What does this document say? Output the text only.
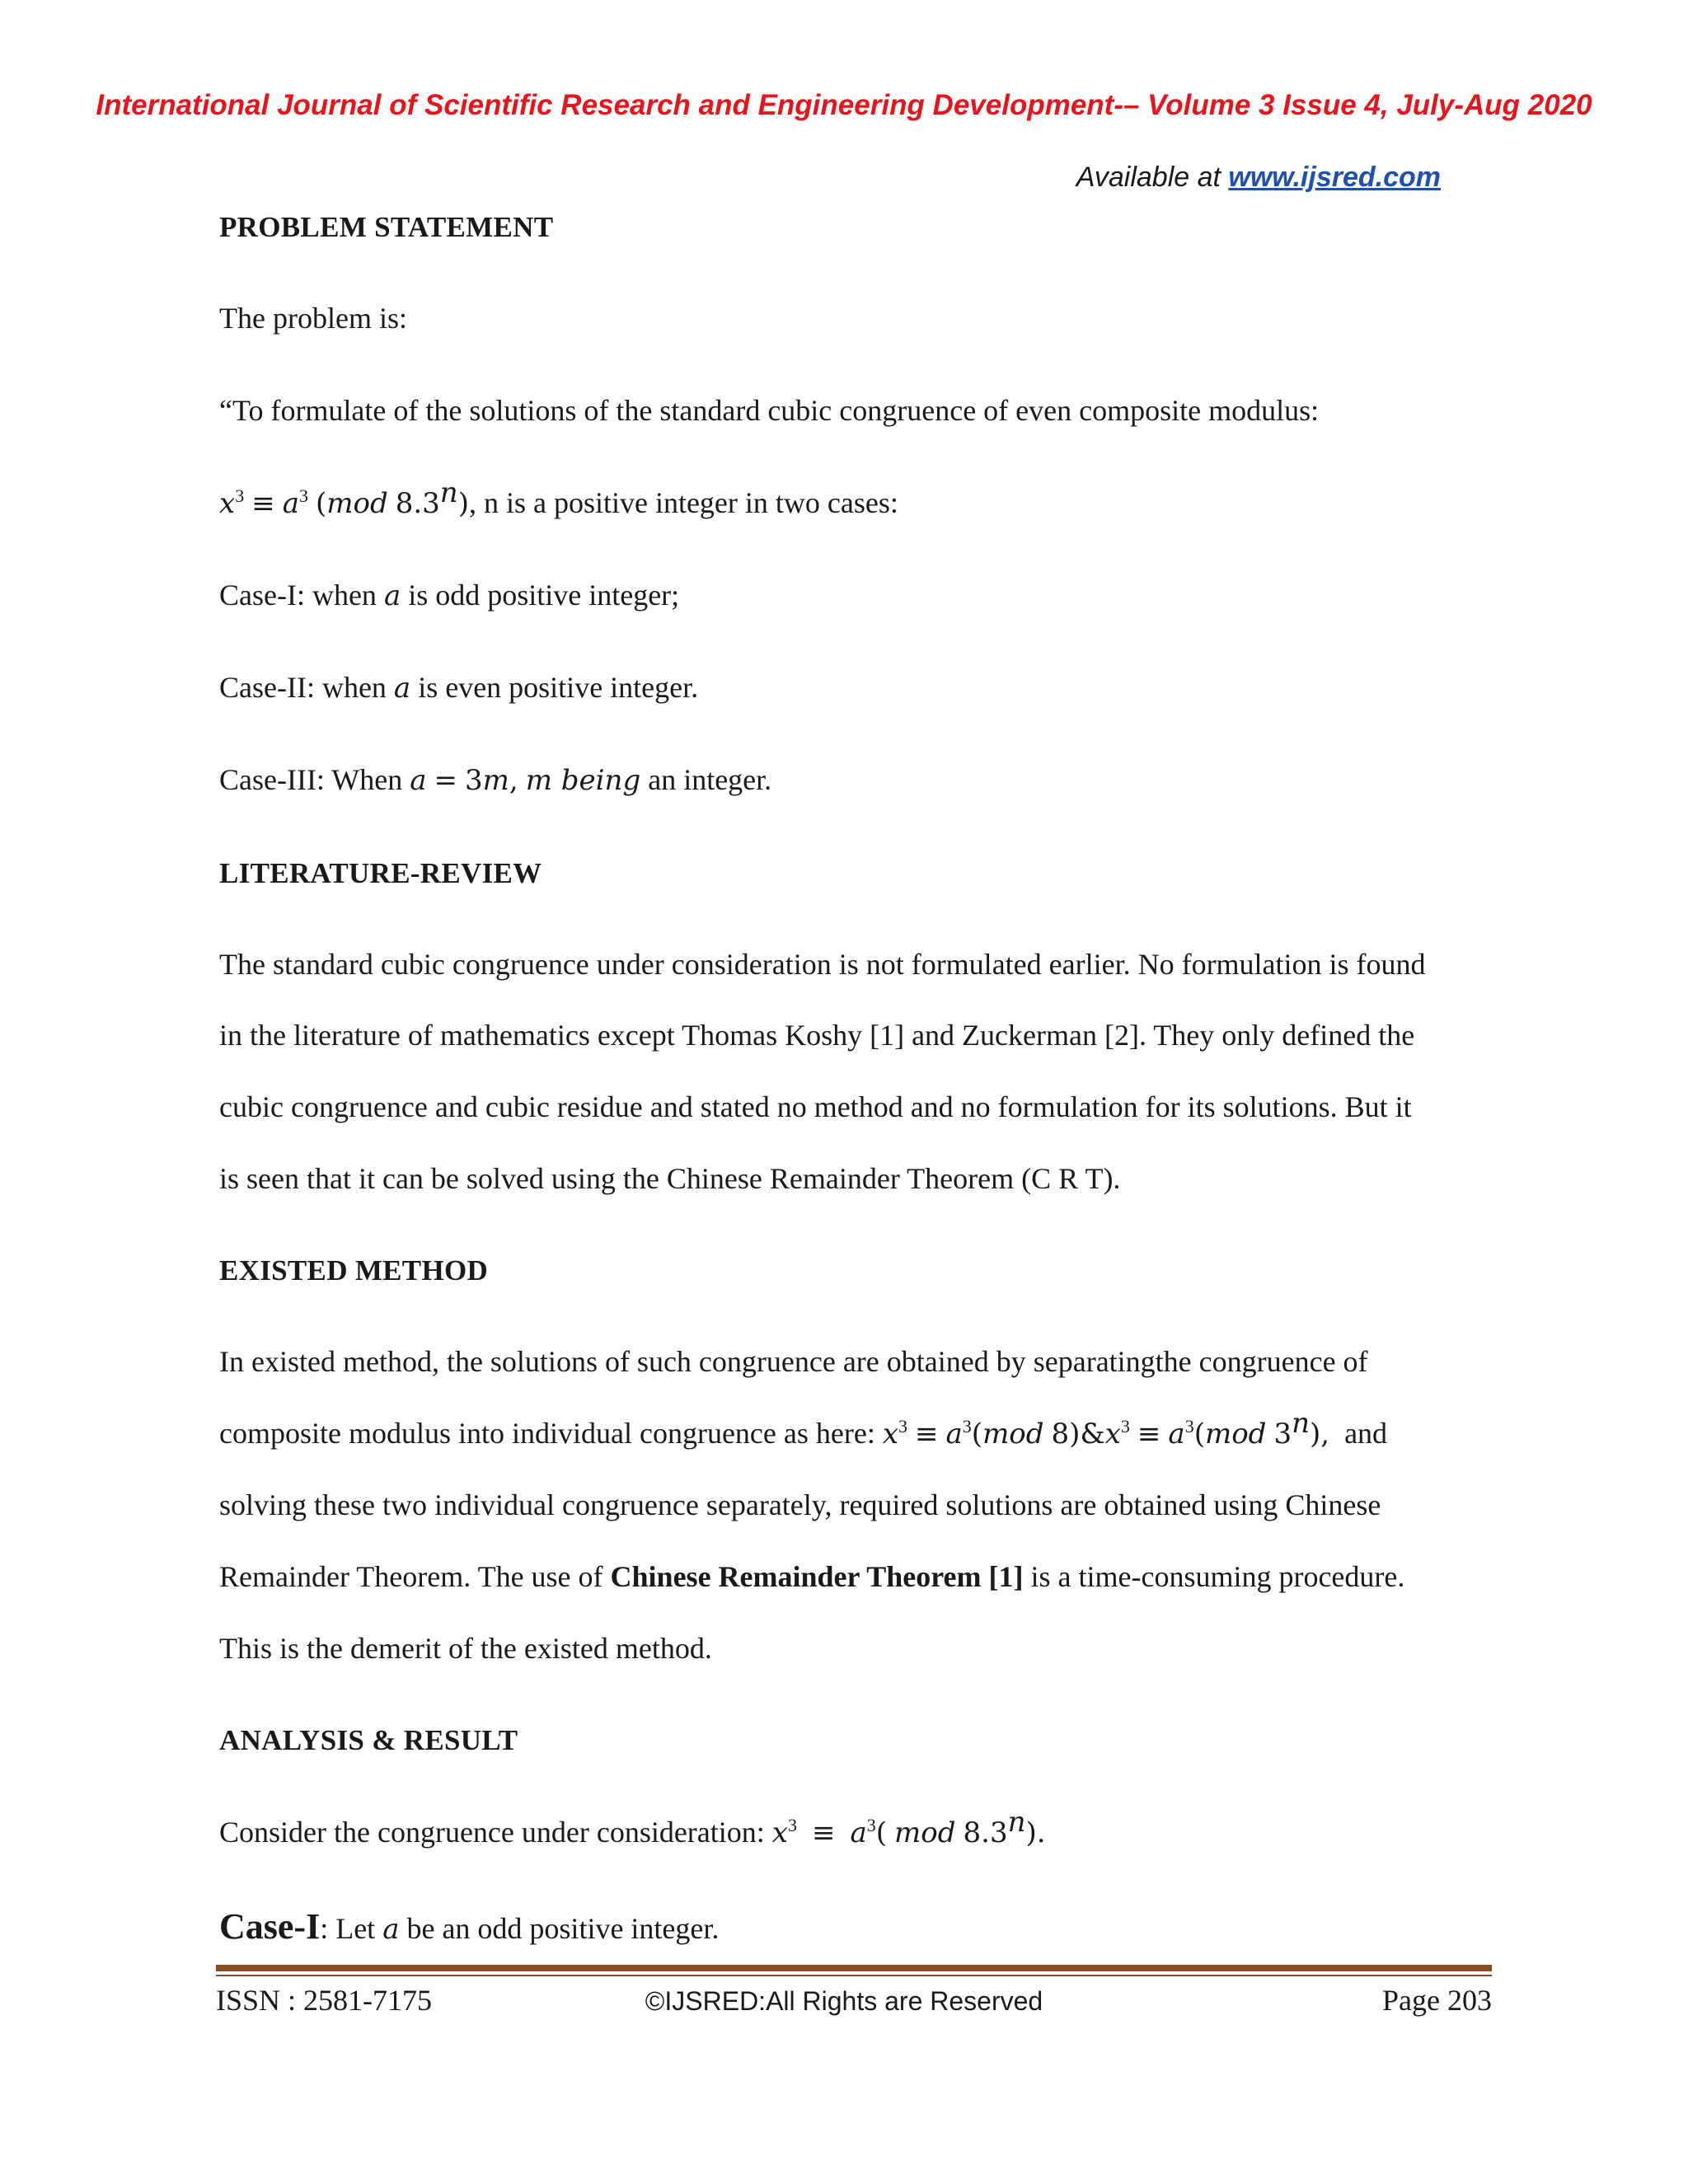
International Journal of Scientific Research and Engineering Development-– Volume 3 Issue 4, July-Aug 2020
Available at www.ijsred.com
PROBLEM STATEMENT
The problem is:
“To formulate of the solutions of the standard cubic congruence of even composite modulus:
$x^3 \equiv a^3$ (mod 8.3$^n$), n is a positive integer in two cases:
Case-I: when a is odd positive integer;
Case-II: when a is even positive integer.
Case-III: When a = 3m, m being an integer.
LITERATURE-REVIEW
The standard cubic congruence under consideration is not formulated earlier. No formulation is found
in the literature of mathematics except Thomas Koshy [1] and Zuckerman [2]. They only defined the
cubic congruence and cubic residue and stated no method and no formulation for its solutions. But it
is seen that it can be solved using the Chinese Remainder Theorem (C R T).
EXISTED METHOD
In existed method, the solutions of such congruence are obtained by separatingthe congruence of
composite modulus into individual congruence as here: $x^3 \equiv a^3(mod$ $8)\&x^3 \equiv a^3(mod$ 3$^n$),  and
solving these two individual congruence separately, required solutions are obtained using Chinese
Remainder Theorem. The use of Chinese Remainder Theorem [1] is a time-consuming procedure.
This is the demerit of the existed method.
ANALYSIS & RESULT
Consider the congruence under consideration: $x^3 \equiv a^3$( mod 8.3$^n$).
Case-I: Let a be an odd positive integer.
ISSN : 2581-7175	©IJSRED:All Rights are Reserved	Page 203
